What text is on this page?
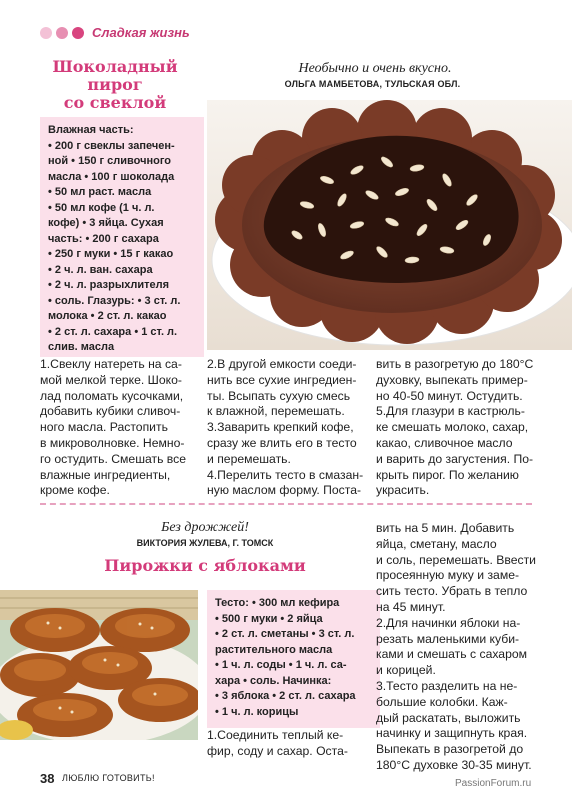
Сладкая жизнь
Шоколадный
пирог
со свеклой
Необычно и очень вкусно.
ОЛЬГА МАМБЕТОВА, ТУЛЬСКАЯ ОБЛ.
Влажная часть:
• 200 г свеклы запечен-
ной • 150 г сливочного
масла • 100 г шоколада
• 50 мл раст. масла
• 50 мл кофе (1 ч. л.
кофе) • 3 яйца. Сухая
часть: • 200 г сахара
• 250 г муки • 15 г какао
• 2 ч. л. ван. сахара
• 2 ч. л. разрыхлителя
• соль. Глазурь: • 3 ст. л.
молока • 2 ст. л. какао
• 2 ст. л. сахара • 1 ст. л.
слив. масла
1.Свеклу натереть на са-
мой мелкой терке. Шоко-
лад поломать кусочками,
добавить кубики сливоч-
ного масла. Растопить
в микроволновке. Немно-
го остудить. Смешать все
влажные ингредиенты,
кроме кофе.
2.В другой емкости соеди-
нить все сухие ингредиен-
ты. Всыпать сухую смесь
к влажной, перемешать.
3.Заварить крепкий кофе,
сразу же влить его в тесто
и перемешать.
4.Перелить тесто в смазан-
ную маслом форму. Поста-
вить в разогретую до 180°С
духовку, выпекать пример-
но 40-50 минут. Остудить.
5.Для глазури в кастрюль-
ке смешать молоко, сахар,
какао, сливочное масло
и варить до загустения. По-
крыть пирог. По желанию
украсить.
Без дрожжей!
ВИКТОРИЯ ЖУЛЕВА, Г. ТОМСК
Пирожки с яблоками
Тесто: • 300 мл кефира
• 500 г муки • 2 яйца
• 2 ст. л. сметаны • 3 ст. л.
растительного масла
• 1 ч. л. соды • 1 ч. л. са-
хара • соль. Начинка:
• 3 яблока • 2 ст. л. сахара
• 1 ч. л. корицы
вить на 5 мин. Добавить
яйца, сметану, масло
и соль, перемешать. Ввести
просеянную муку и заме-
сить тесто. Убрать в тепло
на 45 минут.
2.Для начинки яблоки на-
резать маленькими куби-
ками и смешать с сахаром
и корицей.
3.Тесто разделить на не-
большие колобки. Каж-
дый раскатать, выложить
начинку и защипнуть края.
Выпекать в разогретой до
180°С духовке 30-35 минут.
1.Соединить теплый ке-
фир, соду и сахар. Оста-
38 ЛЮБЛЮ ГОТОВИТЬ!	PassionForum.ru
